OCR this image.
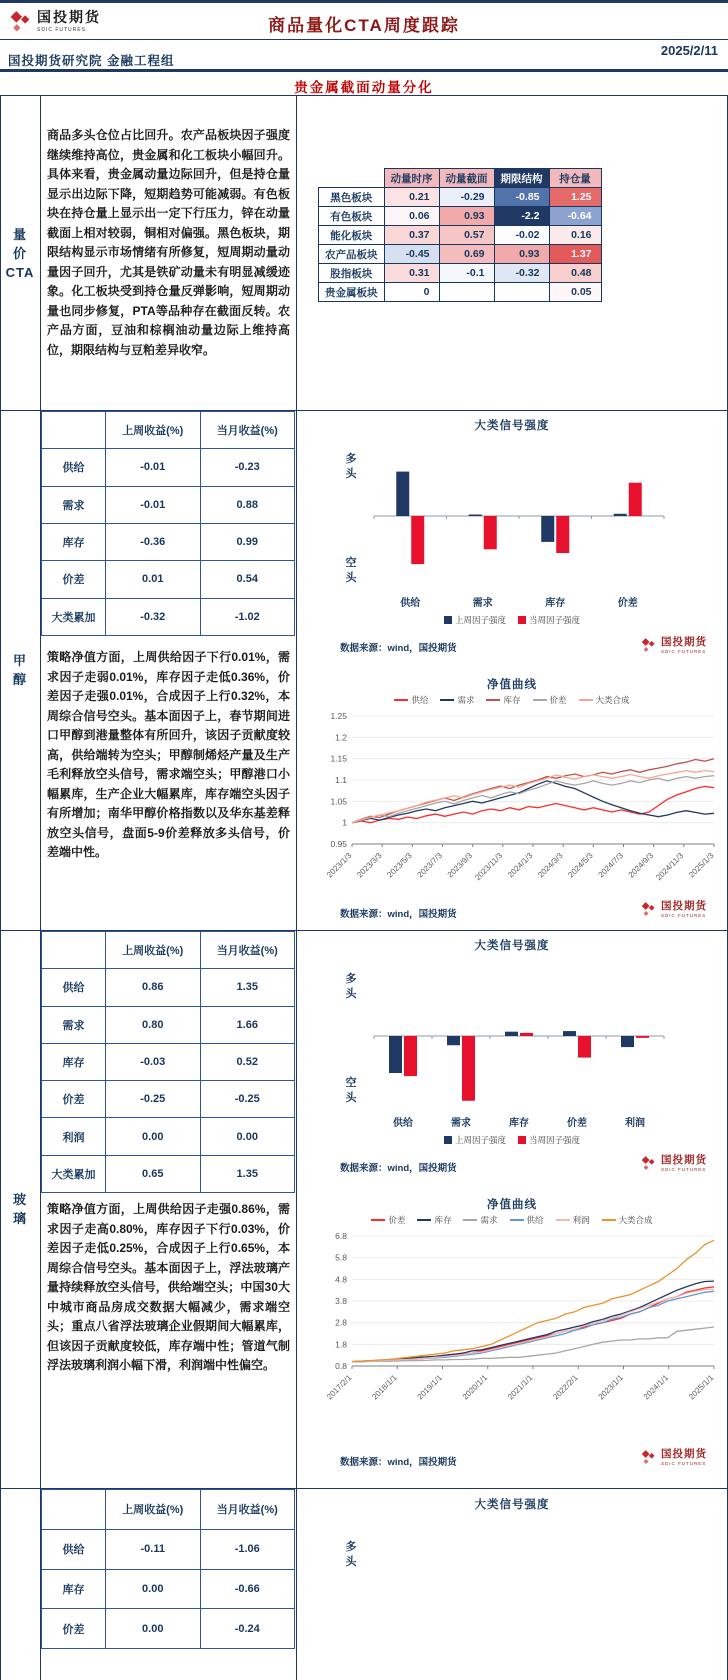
国投期货
SDIC FUTURES	商品量化CTA周度跟踪
2025/2/11
国投期货研究院 金融工程组
贵金属截面动量分化
量
价
CTA
商品多头仓位占比回升。农产品板块因子强度继续维持高位，贵金属和化工板块小幅回升。具体来看，贵金属动量边际回升，但是持仓量显示出边际下降，短期趋势可能减弱。有色板块在持仓量上显示出一定下行压力，锌在动量截面上相对较弱，铜相对偏强。黑色板块，期限结构显示市场情绪有所修复，短周期动量动量因子回升，尤其是铁矿动量未有明显减缓迹象。化工板块受到持仓量反弹影响，短周期动量也同步修复，PTA等品种存在截面反转。农产品方面，豆油和棕榈油动量边际上维持高位，期限结构与豆粕差异收窄。
	动量时序	动量截面	期限结构	持仓量
黑色板块	0.21	-0.29	-0.85	1.25
有色板块	0.06	0.93	-2.2	-0.64
能化板块	0.37	0.57	-0.02	0.16
农产品板块	-0.45	0.69	0.93	1.37
股指板块	0.31	-0.1	-0.32	0.48
贵金属板块	0			0.05
甲
醇
	上周收益(%)	当月收益(%)
供给	-0.01	-0.23
需求	-0.01	0.88
库存	-0.36	0.99
价差	0.01	0.54
大类累加	-0.32	-1.02
策略净值方面，上周供给因子下行0.01%，需求因子走弱0.01%，库存因子走低0.36%，价差因子走强0.01%，合成因子上行0.32%，本周综合信号空头。基本面因子上，春节期间进口甲醇到港量整体有所回升，该因子贡献度较高，供给端转为空头；甲醇制烯烃产量及生产毛利释放空头信号，需求端空头；甲醇港口小幅累库，生产企业大幅累库，库存端空头因子有所增加；南华甲醇价格指数以及华东基差释放空头信号，盘面5-9价差释放多头信号，价差端中性。
大类信号强度
供给	需求	库存	价差
多头
空头
上周因子强度	当周因子强度
数据来源：wind，国投期货
国投期货
SDIC FUTURES
净值曲线
供给	需求	库存	价差	大类合成
0.95
1
1.05
1.1
1.15
1.2
1.25
2023/1/3 2023/3/3 2023/5/3 2023/7/3 2023/9/3 2023/11/3 2024/1/3 2024/3/3 2024/5/3 2024/7/3 2024/9/3 2024/11/3 2025/1/3
数据来源：wind，国投期货
国投期货
SDIC FUTURES
玻
璃
	上周收益(%)	当月收益(%)
供给	0.86	1.35
需求	0.80	1.66
库存	-0.03	0.52
价差	-0.25	-0.25
利润	0.00	0.00
大类累加	0.65	1.35
策略净值方面，上周供给因子走强0.86%，需求因子走高0.80%，库存因子下行0.03%，价差因子走低0.25%，合成因子上行0.65%，本周综合信号空头。基本面因子上，浮法玻璃产量持续释放空头信号，供给端空头；中国30大中城市商品房成交数据大幅减少，需求端空头；重点八省浮法玻璃企业假期间大幅累库，但该因子贡献度较低，库存端中性；管道气制浮法玻璃利润小幅下滑，利润端中性偏空。
大类信号强度
供给	需求	库存	价差	利润
多头
空头
上周因子强度	当周因子强度
数据来源：wind，国投期货
国投期货
SDIC FUTURES
净值曲线
价差	库存	需求	供给	利润	大类合成
0.8
1.8
2.8
3.8
4.8
5.8
6.8
2017/2/1 2018/1/1 2019/1/1 2020/1/1 2021/1/1 2022/2/1 2023/1/1 2024/1/1 2025/1/1
数据来源：wind，国投期货
国投期货
SDIC FUTURES
	上周收益(%)	当月收益(%)
供给	-0.11	-1.06
库存	0.00	-0.66
价差	0.00	-0.24
大类信号强度
多头
